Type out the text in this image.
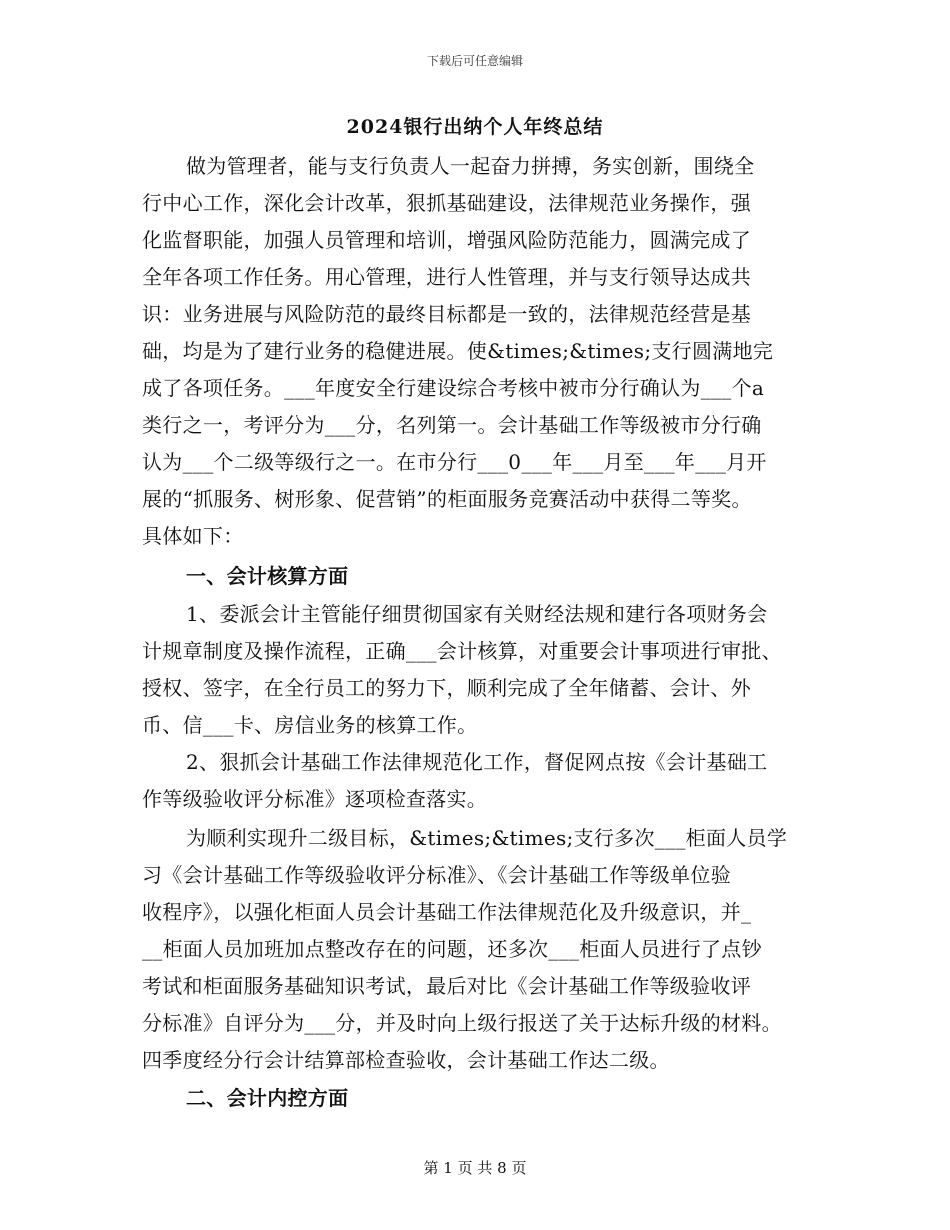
下载后可任意编辑
2024银行出纳个人年终总结
做为管理者，能与支行负责人一起奋力拼搏，务实创新，围绕全
行中心工作，深化会计改革，狠抓基础建设，法律规范业务操作，强
化监督职能，加强人员管理和培训，增强风险防范能力，圆满完成了
全年各项工作任务。用心管理，进行人性管理，并与支行领导达成共
识：业务进展与风险防范的最终目标都是一致的，法律规范经营是基
础，均是为了建行业务的稳健进展。使&times;&times;支行圆满地完
成了各项任务。___年度安全行建设综合考核中被市分行确认为___个a
类行之一，考评分为___分，名列第一。会计基础工作等级被市分行确
认为___个二级等级行之一。在市分行___0___年___月至___年___月开
展的“抓服务、树形象、促营销”的柜面服务竞赛活动中获得二等奖。
具体如下：
一、会计核算方面
1、委派会计主管能仔细贯彻国家有关财经法规和建行各项财务会
计规章制度及操作流程，正确___会计核算，对重要会计事项进行审批、
授权、签字，在全行员工的努力下，顺利完成了全年储蓄、会计、外
币、信___卡、房信业务的核算工作。
2、狠抓会计基础工作法律规范化工作，督促网点按《会计基础工
作等级验收评分标准》逐项检查落实。
为顺利实现升二级目标，&times;&times;支行多次___柜面人员学
习《会计基础工作等级验收评分标准》、《会计基础工作等级单位验
收程序》，以强化柜面人员会计基础工作法律规范化及升级意识，并_
__柜面人员加班加点整改存在的问题，还多次___柜面人员进行了点钞
考试和柜面服务基础知识考试，最后对比《会计基础工作等级验收评
分标准》自评分为___分，并及时向上级行报送了关于达标升级的材料。
四季度经分行会计结算部检查验收，会计基础工作达二级。
二、会计内控方面
第 1 页 共 8 页
